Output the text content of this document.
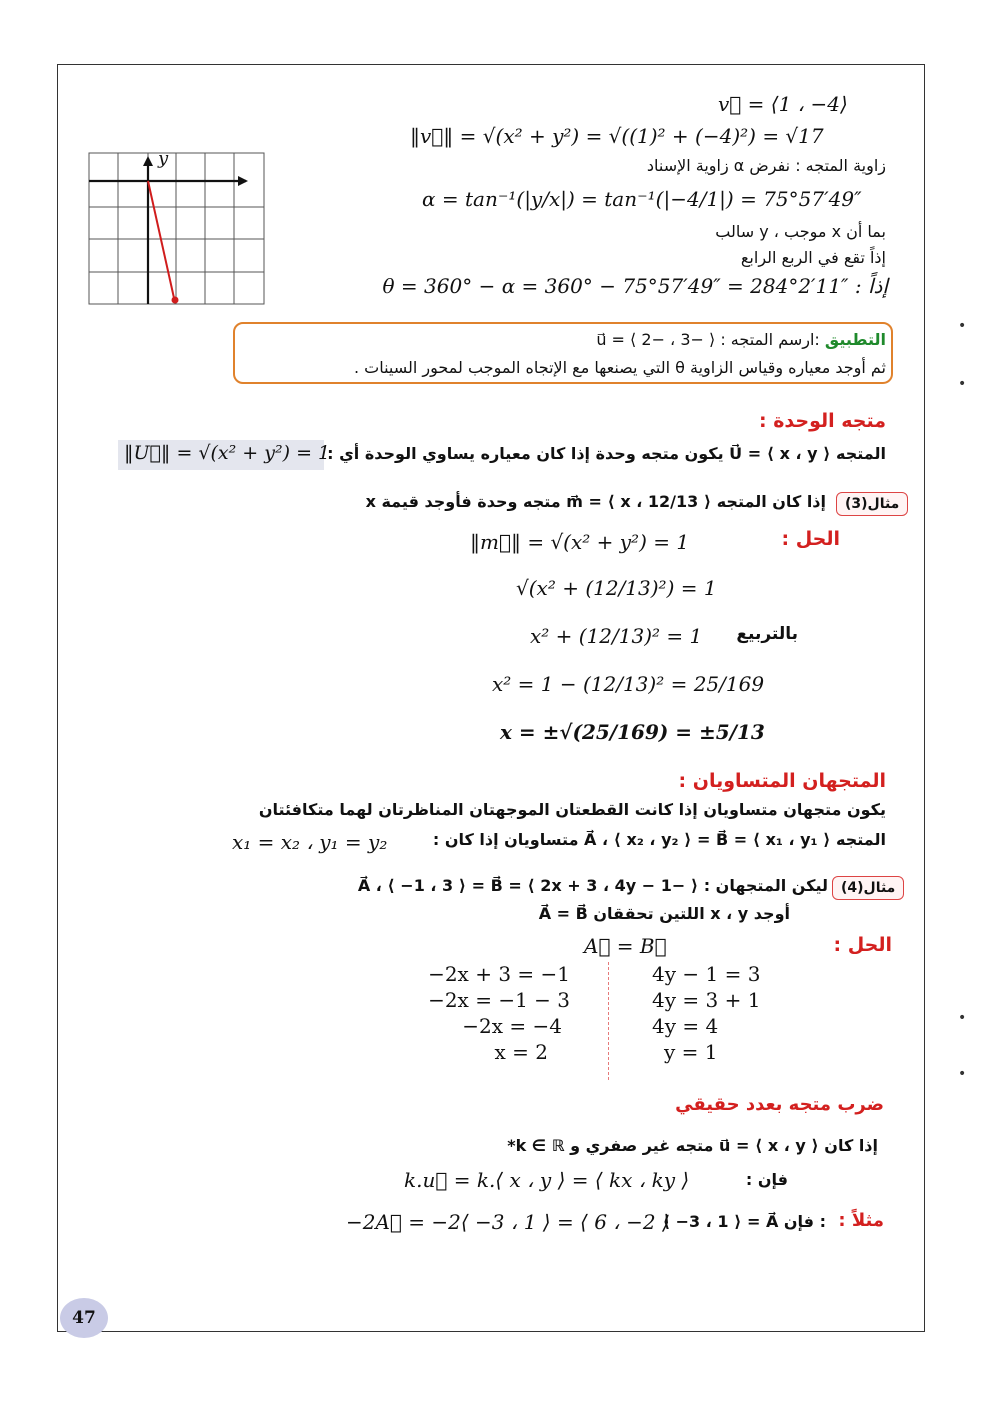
y
v⃗ = ⟨1 ، −4⟩
‖v⃗‖ = √(x² + y²) = √((1)² + (−4)²) = √17
زاوية المتجه : نفرض α زاوية الإسناد
α = tan⁻¹(|y/x|) = tan⁻¹(|−4/1|) = 75°57′49″
بما أن x موجب ، y سالب
إذاً تقع في الربع الرابع
إذاً : θ = 360° − α = 360° − 75°57′49″ = 284°2′11″
التطبيق :ارسم المتجه : ⟨ −3 ، −2 ⟩ = u⃗
ثم أوجد معياره وقياس الزاوية θ التي يصنعها مع الإتجاه الموجب لمحور السينات .
متجه الوحدة :
‖U⃗‖ = √(x² + y²) = 1
المتجه ⟨ x ، y ⟩ = U⃗ يكون متجه وحدة إذا كان معياره يساوي الوحدة أي :
مثال(3)
إذا كان المتجه ⟨ x ، 12/13 ⟩ = m⃗ متجه وحدة فأوجد قيمة x
الحل :
‖m⃗‖ = √(x² + y²) = 1
√(x² + (12/13)²) = 1
بالتربيع
x² + (12/13)² = 1
x² = 1 − (12/13)² = 25/169
x = ±√(25/169) = ±5/13
المتجهان المتساويان :
يكون متجهان متساويان إذا كانت القطعتان الموجهتان المناظرتان لهما متكافئتان
المتجه ⟨ x₁ ، y₁ ⟩ = A⃗ ، ⟨ x₂ ، y₂ ⟩ = B⃗ متساويان إذا كان :
x₁ = x₂ ، y₁ = y₂
مثال(4)
ليكن المتجهان : ⟨ −2x + 3 ، 4y − 1 ⟩ = A⃗ ، ⟨ −1 ، 3 ⟩ = B⃗
أوجد x ، y اللتين تحققان A⃗ = B⃗
الحل :
A⃗ = B⃗
−2x + 3 = −1
−2x = −1 − 3
−2x = −4
x = 2
4y − 1 = 3
4y = 3 + 1
4y = 4
y = 1
ضرب متجه بعدد حقيقي
إذا كان ⟨ x ، y ⟩ = u⃗ متجه غير صفري و k ∈ ℝ*
فإن :
k.u⃗ = k.⟨ x ، y ⟩ = ⟨ kx ، ky ⟩
مثلاً :
⟨ −3 ، 1 ⟩ = A⃗ فإن :
−2A⃗ = −2⟨ −3 ، 1 ⟩ = ⟨ 6 ، −2 ⟩
47
•
•
•
•
